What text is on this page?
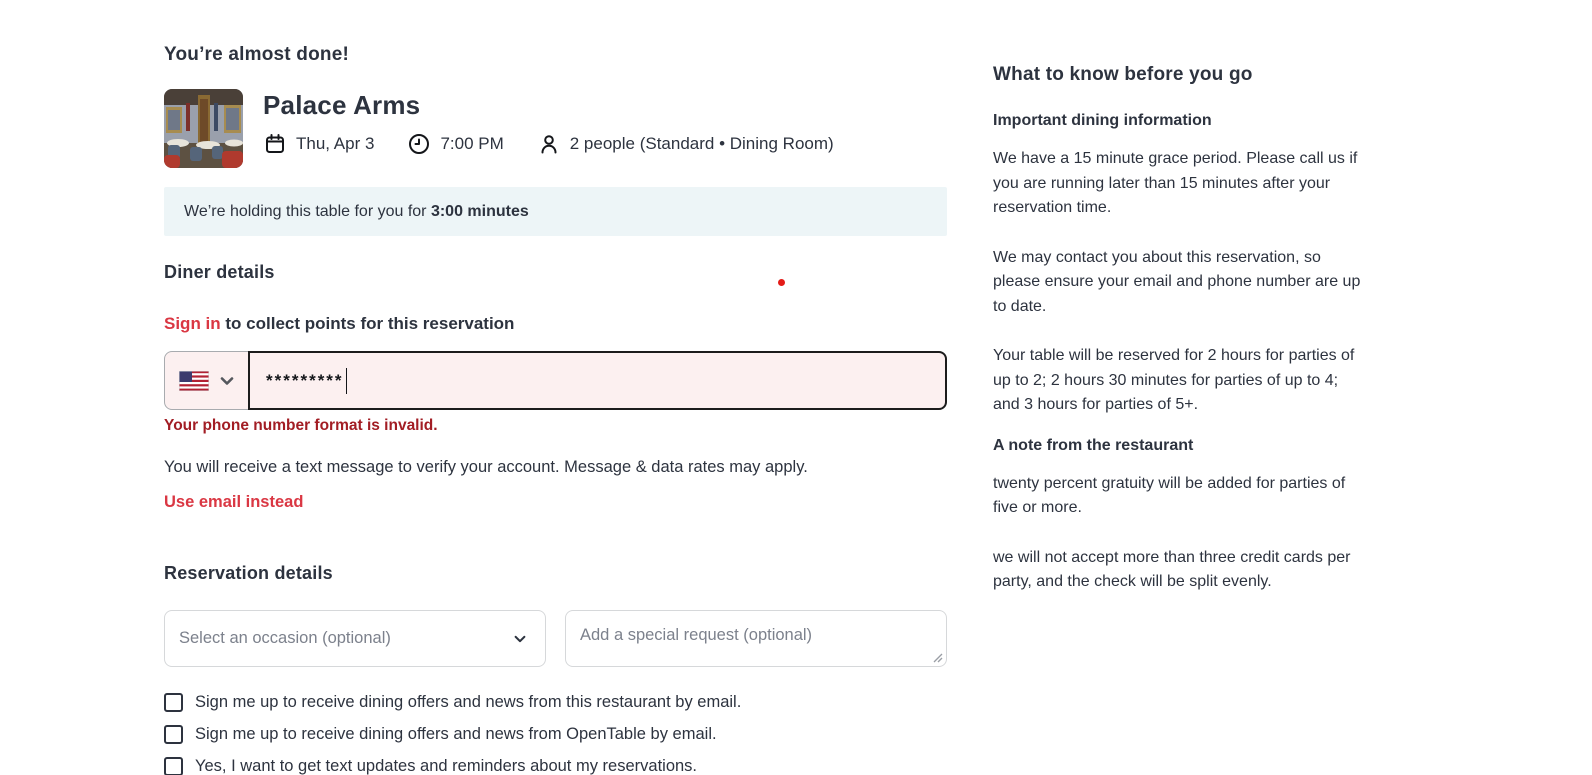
You’re almost done!
Palace Arms
Thu, Apr 3	7:00 PM	2 people (Standard • Dining Room)
We’re holding this table for you for 3:00 minutes
Diner details
Sign in to collect points for this reservation
*********
Your phone number format is invalid.
You will receive a text message to verify your account. Message & data rates may apply.
Use email instead
Reservation details
Select an occasion (optional)	Add a special request (optional)
Sign me up to receive dining offers and news from this restaurant by email.
Sign me up to receive dining offers and news from OpenTable by email.
Yes, I want to get text updates and reminders about my reservations.
What to know before you go
Important dining information

We have a 15 minute grace period. Please call us if you are running later than 15 minutes after your reservation time.

We may contact you about this reservation, so please ensure your email and phone number are up to date.

Your table will be reserved for 2 hours for parties of up to 2; 2 hours 30 minutes for parties of up to 4; and 3 hours for parties of 5+.

A note from the restaurant

twenty percent gratuity will be added for parties of five or more.

we will not accept more than three credit cards per party, and the check will be split evenly.
